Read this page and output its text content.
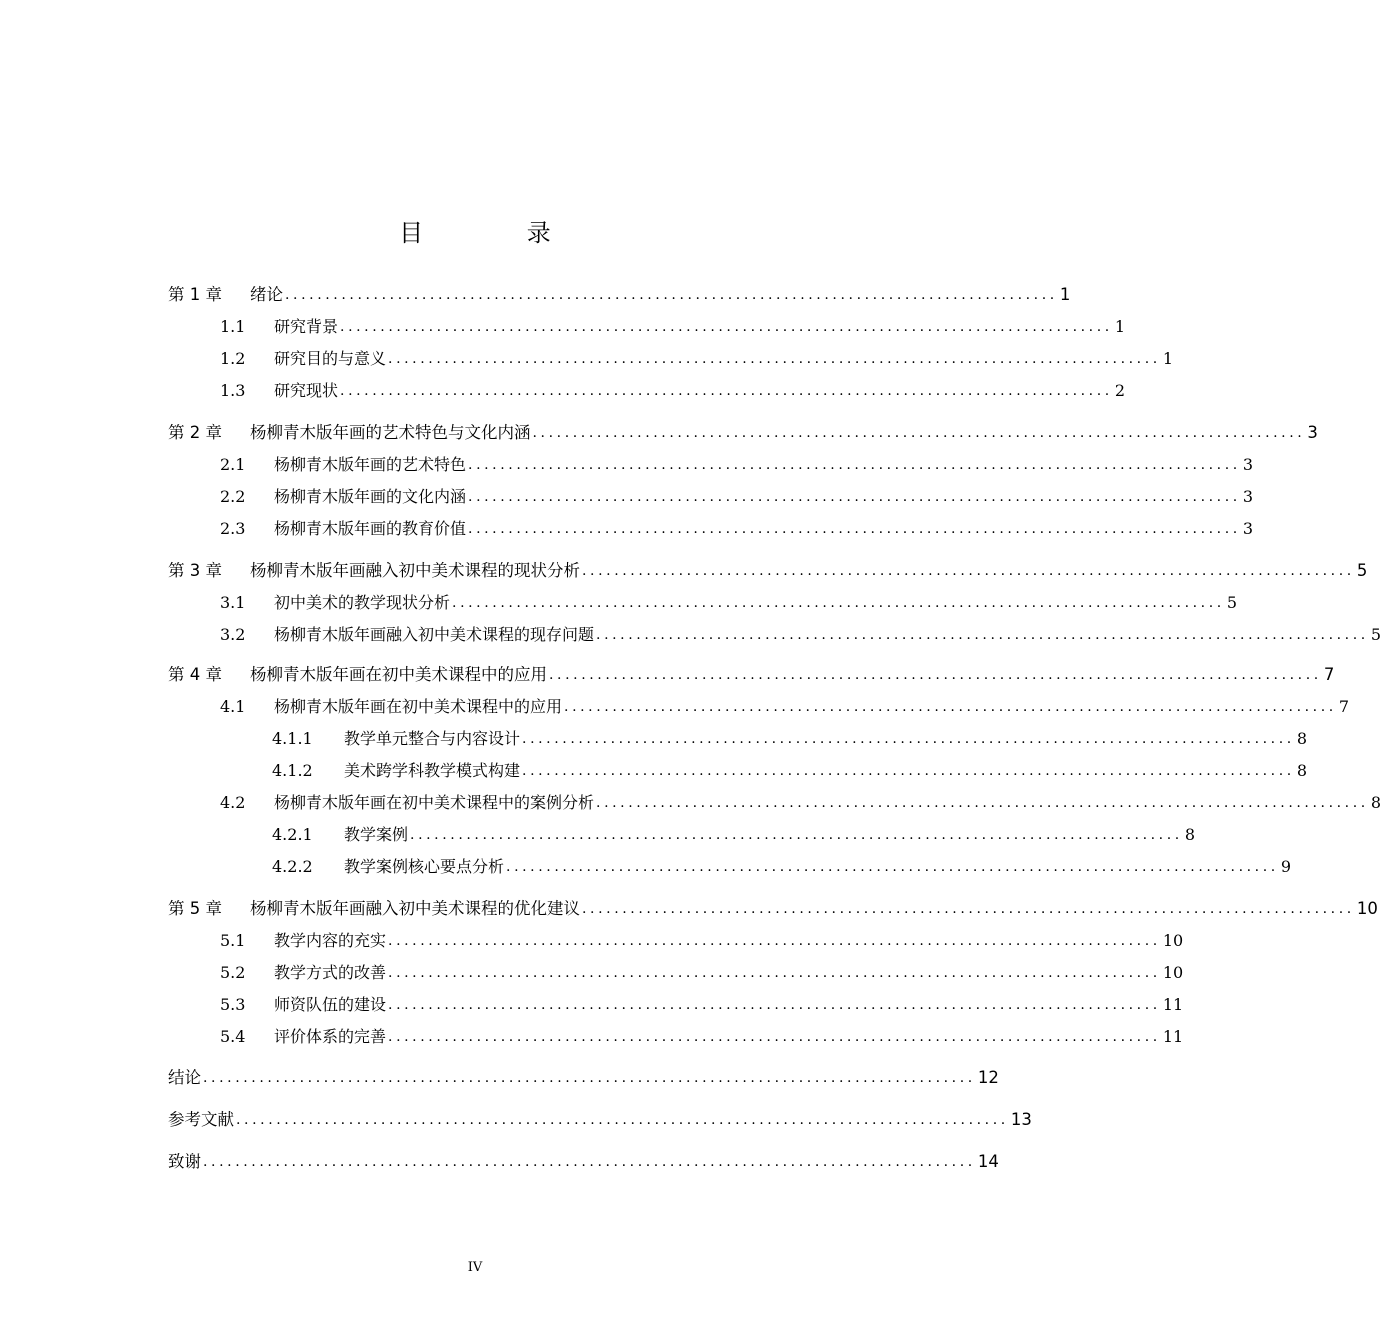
目 录
第 1 章	绪论 ................................................................................................ 1
1.1	研究背景 ................................................................................................ 1
1.2	研究目的与意义 ................................................................................................ 1
1.3	研究现状 ................................................................................................ 2
第 2 章	杨柳青木版年画的艺术特色与文化内涵 ................................................................................................ 3
2.1	杨柳青木版年画的艺术特色 ................................................................................................ 3
2.2	杨柳青木版年画的文化内涵 ................................................................................................ 3
2.3	杨柳青木版年画的教育价值 ................................................................................................ 3
第 3 章	杨柳青木版年画融入初中美术课程的现状分析 ................................................................................................ 5
3.1	初中美术的教学现状分析 ................................................................................................ 5
3.2	杨柳青木版年画融入初中美术课程的现存问题 ................................................................................................ 5
第 4 章	杨柳青木版年画在初中美术课程中的应用 ................................................................................................ 7
4.1	杨柳青木版年画在初中美术课程中的应用 ................................................................................................ 7
4.1.1	教学单元整合与内容设计 ................................................................................................ 8
4.1.2	美术跨学科教学模式构建 ................................................................................................ 8
4.2	杨柳青木版年画在初中美术课程中的案例分析 ................................................................................................ 8
4.2.1	教学案例 ................................................................................................ 8
4.2.2	教学案例核心要点分析 ................................................................................................ 9
第 5 章	杨柳青木版年画融入初中美术课程的优化建议 ................................................................................................ 10
5.1	教学内容的充实 ................................................................................................ 10
5.2	教学方式的改善 ................................................................................................ 10
5.3	师资队伍的建设 ................................................................................................ 11
5.4	评价体系的完善 ................................................................................................ 11
结论 ................................................................................................ 12
参考文献 ................................................................................................ 13
致谢 ................................................................................................ 14
IV
